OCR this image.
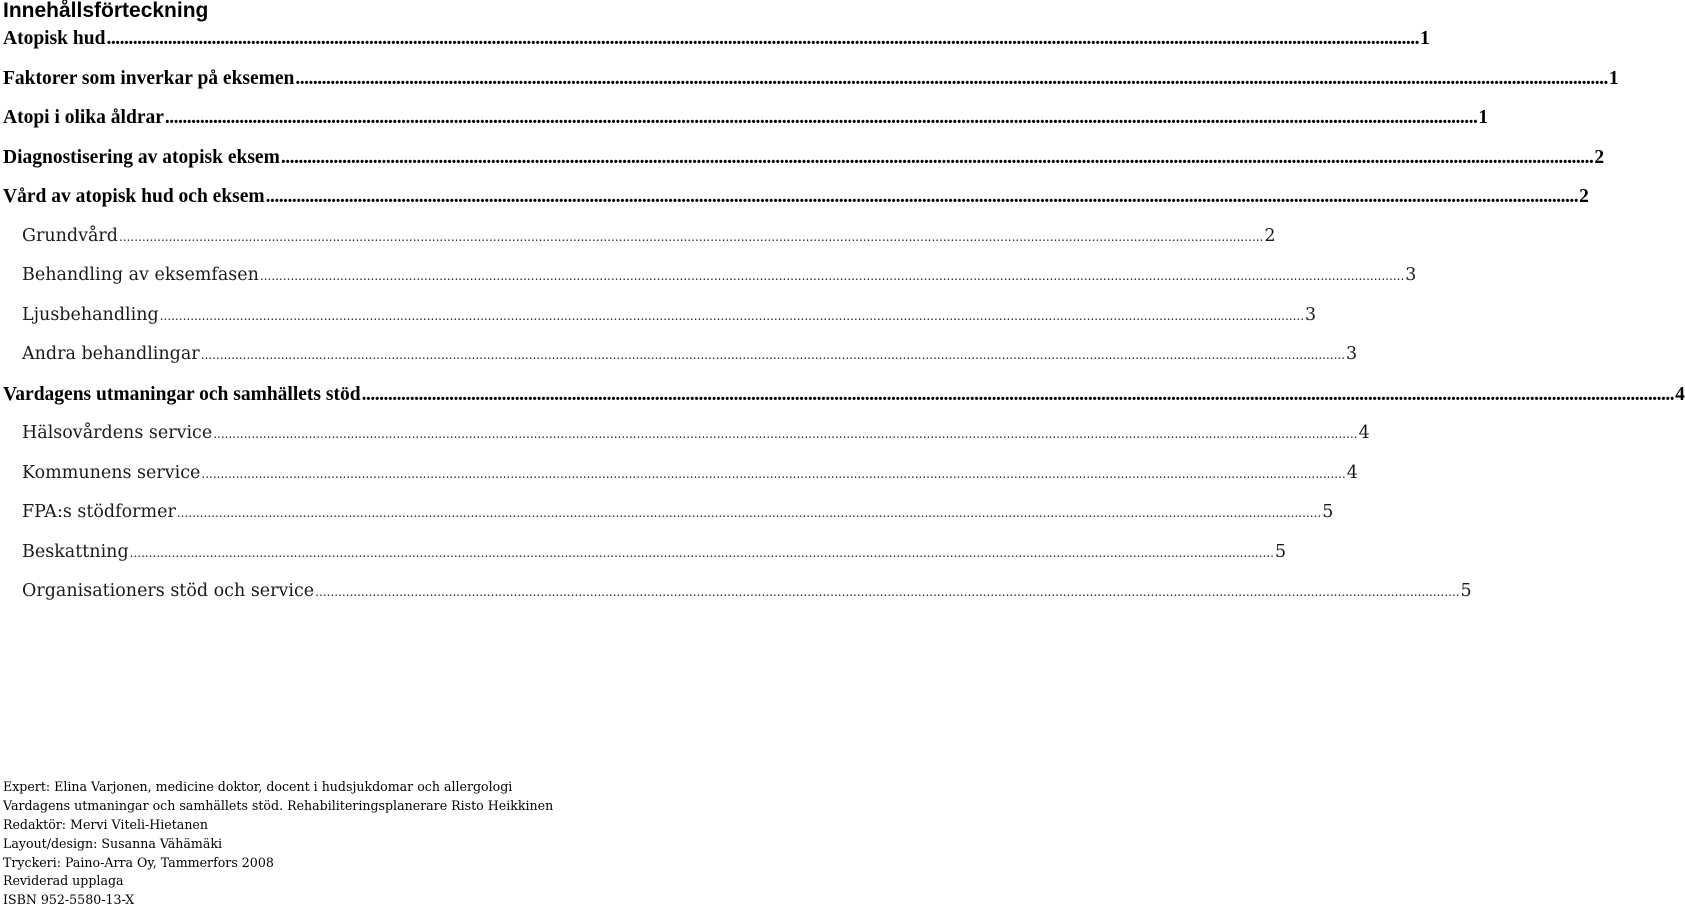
Innehållsförteckning
Atopisk hud ............................................................................................................................................................................................................................................................................................................ 1
Faktorer som inverkar på eksemen ............................................................................................................................................................................................................................................................................................................ 1
Atopi i olika åldrar ............................................................................................................................................................................................................................................................................................................ 1
Diagnostisering av atopisk eksem ............................................................................................................................................................................................................................................................................................................ 2
Vård av atopisk hud och eksem ............................................................................................................................................................................................................................................................................................................ 2
Grundvård ............................................................................................................................................................................................................................................................................................................ 2
Behandling av eksemfasen ............................................................................................................................................................................................................................................................................................................ 3
Ljusbehandling ............................................................................................................................................................................................................................................................................................................ 3
Andra behandlingar ............................................................................................................................................................................................................................................................................................................ 3
Vardagens utmaningar och samhällets stöd ............................................................................................................................................................................................................................................................................................................ 4
Hälsovårdens service ............................................................................................................................................................................................................................................................................................................ 4
Kommunens service ............................................................................................................................................................................................................................................................................................................ 4
FPA:s stödformer ............................................................................................................................................................................................................................................................................................................ 5
Beskattning ............................................................................................................................................................................................................................................................................................................ 5
Organisationers stöd och service ............................................................................................................................................................................................................................................................................................................ 5
Expert: Elina Varjonen, medicine doktor, docent i hudsjukdomar och allergologi
Vardagens utmaningar och samhällets stöd. Rehabiliteringsplanerare Risto Heikkinen
Redaktör: Mervi Viteli-Hietanen
Layout/design: Susanna Vähämäki
Tryckeri: Paino-Arra Oy, Tammerfors 2008
Reviderad upplaga
ISBN 952-5580-13-X
